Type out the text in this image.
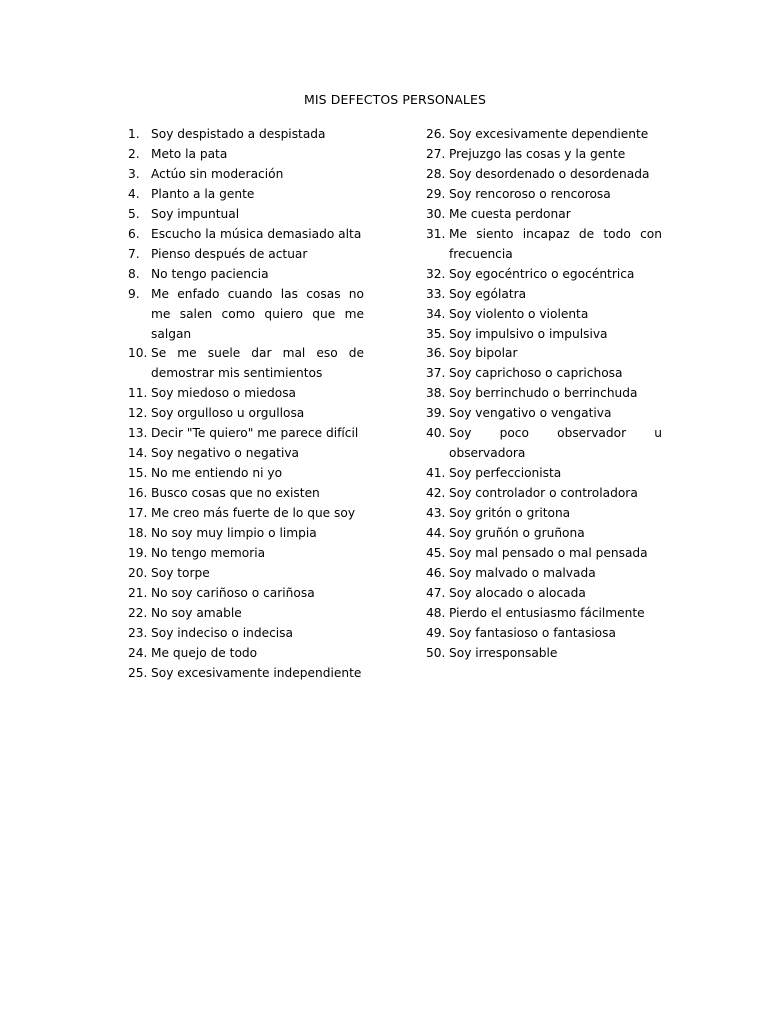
MIS DEFECTOS PERSONALES
1. Soy despistado a despistada
2. Meto la pata
3. Actúo sin moderación
4. Planto a la gente
5. Soy impuntual
6. Escucho la música demasiado alta
7. Pienso después de actuar
8. No tengo paciencia
9. Me enfado cuando las cosas no me salen como quiero que me salgan
10. Se me suele dar mal eso de demostrar mis sentimientos
11. Soy miedoso o miedosa
12. Soy orgulloso u orgullosa
13. Decir "Te quiero" me parece difícil
14. Soy negativo o negativa
15. No me entiendo ni yo
16. Busco cosas que no existen
17. Me creo más fuerte de lo que soy
18. No soy muy limpio o limpia
19. No tengo memoria
20. Soy torpe
21. No soy cariñoso o cariñosa
22. No soy amable
23. Soy indeciso o indecisa
24. Me quejo de todo
25. Soy excesivamente independiente
26. Soy excesivamente dependiente
27. Prejuzgo las cosas y la gente
28. Soy desordenado o desordenada
29. Soy rencoroso o rencorosa
30. Me cuesta perdonar
31. Me siento incapaz de todo con frecuencia
32. Soy egocéntrico o egocéntrica
33. Soy ególatra
34. Soy violento o violenta
35. Soy impulsivo o impulsiva
36. Soy bipolar
37. Soy caprichoso o caprichosa
38. Soy berrinchudo o berrinchuda
39. Soy vengativo o vengativa
40. Soy poco observador u observadora
41. Soy perfeccionista
42. Soy controlador o controladora
43. Soy gritón o gritona
44. Soy gruñón o gruñona
45. Soy mal pensado o mal pensada
46. Soy malvado o malvada
47. Soy alocado o alocada
48. Pierdo el entusiasmo fácilmente
49. Soy fantasioso o fantasiosa
50. Soy irresponsable
